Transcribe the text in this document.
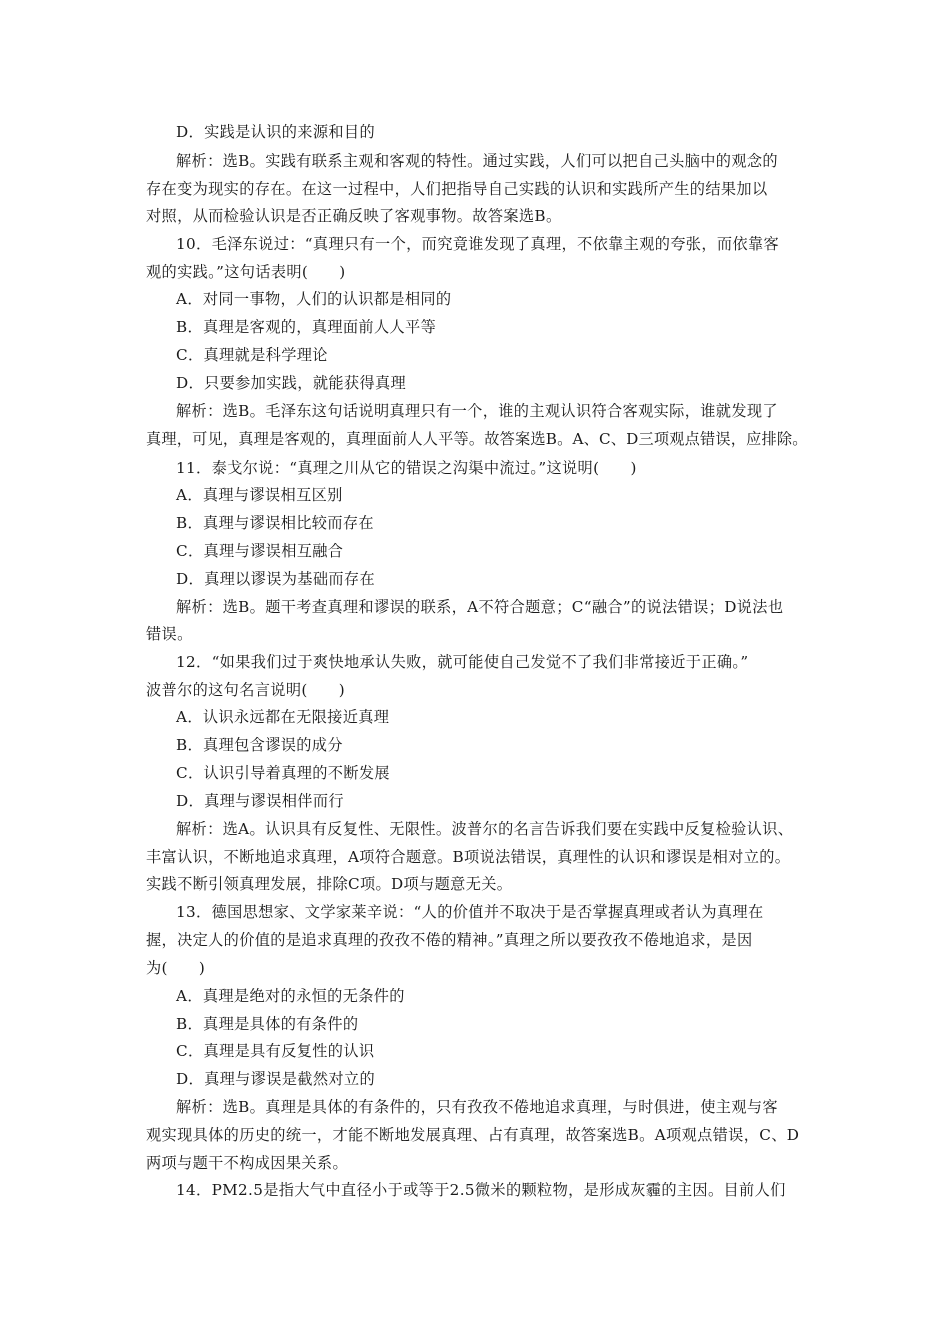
D．实践是认识的来源和目的
解析：选B。实践有联系主观和客观的特性。通过实践，人们可以把自己头脑中的观念的
存在变为现实的存在。在这一过程中，人们把指导自己实践的认识和实践所产生的结果加以
对照，从而检验认识是否正确反映了客观事物。故答案选B。
10．毛泽东说过：“真理只有一个，而究竟谁发现了真理，不依靠主观的夸张，而依靠客
观的实践。”这句话表明(　　)
A．对同一事物，人们的认识都是相同的
B．真理是客观的，真理面前人人平等
C．真理就是科学理论
D．只要参加实践，就能获得真理
解析：选B。毛泽东这句话说明真理只有一个，谁的主观认识符合客观实际，谁就发现了
真理，可见，真理是客观的，真理面前人人平等。故答案选B。A、C、D三项观点错误，应排除。
11．泰戈尔说：“真理之川从它的错误之沟渠中流过。”这说明(　　)
A．真理与谬误相互区别
B．真理与谬误相比较而存在
C．真理与谬误相互融合
D．真理以谬误为基础而存在
解析：选B。题干考查真理和谬误的联系，A不符合题意；C“融合”的说法错误；D说法也
错误。
12．“如果我们过于爽快地承认失败，就可能使自己发觉不了我们非常接近于正确。”
波普尔的这句名言说明(　　)
A．认识永远都在无限接近真理
B．真理包含谬误的成分
C．认识引导着真理的不断发展
D．真理与谬误相伴而行
解析：选A。认识具有反复性、无限性。波普尔的名言告诉我们要在实践中反复检验认识、
丰富认识，不断地追求真理，A项符合题意。B项说法错误，真理性的认识和谬误是相对立的。
实践不断引领真理发展，排除C项。D项与题意无关。
13．德国思想家、文学家莱辛说：“人的价值并不取决于是否掌握真理或者认为真理在
握，决定人的价值的是追求真理的孜孜不倦的精神。”真理之所以要孜孜不倦地追求，是因
为(　　)
A．真理是绝对的永恒的无条件的
B．真理是具体的有条件的
C．真理是具有反复性的认识
D．真理与谬误是截然对立的
解析：选B。真理是具体的有条件的，只有孜孜不倦地追求真理，与时俱进，使主观与客
观实现具体的历史的统一，才能不断地发展真理、占有真理，故答案选B。A项观点错误，C、D
两项与题干不构成因果关系。
14．PM2.5是指大气中直径小于或等于2.5微米的颗粒物，是形成灰霾的主因。目前人们
